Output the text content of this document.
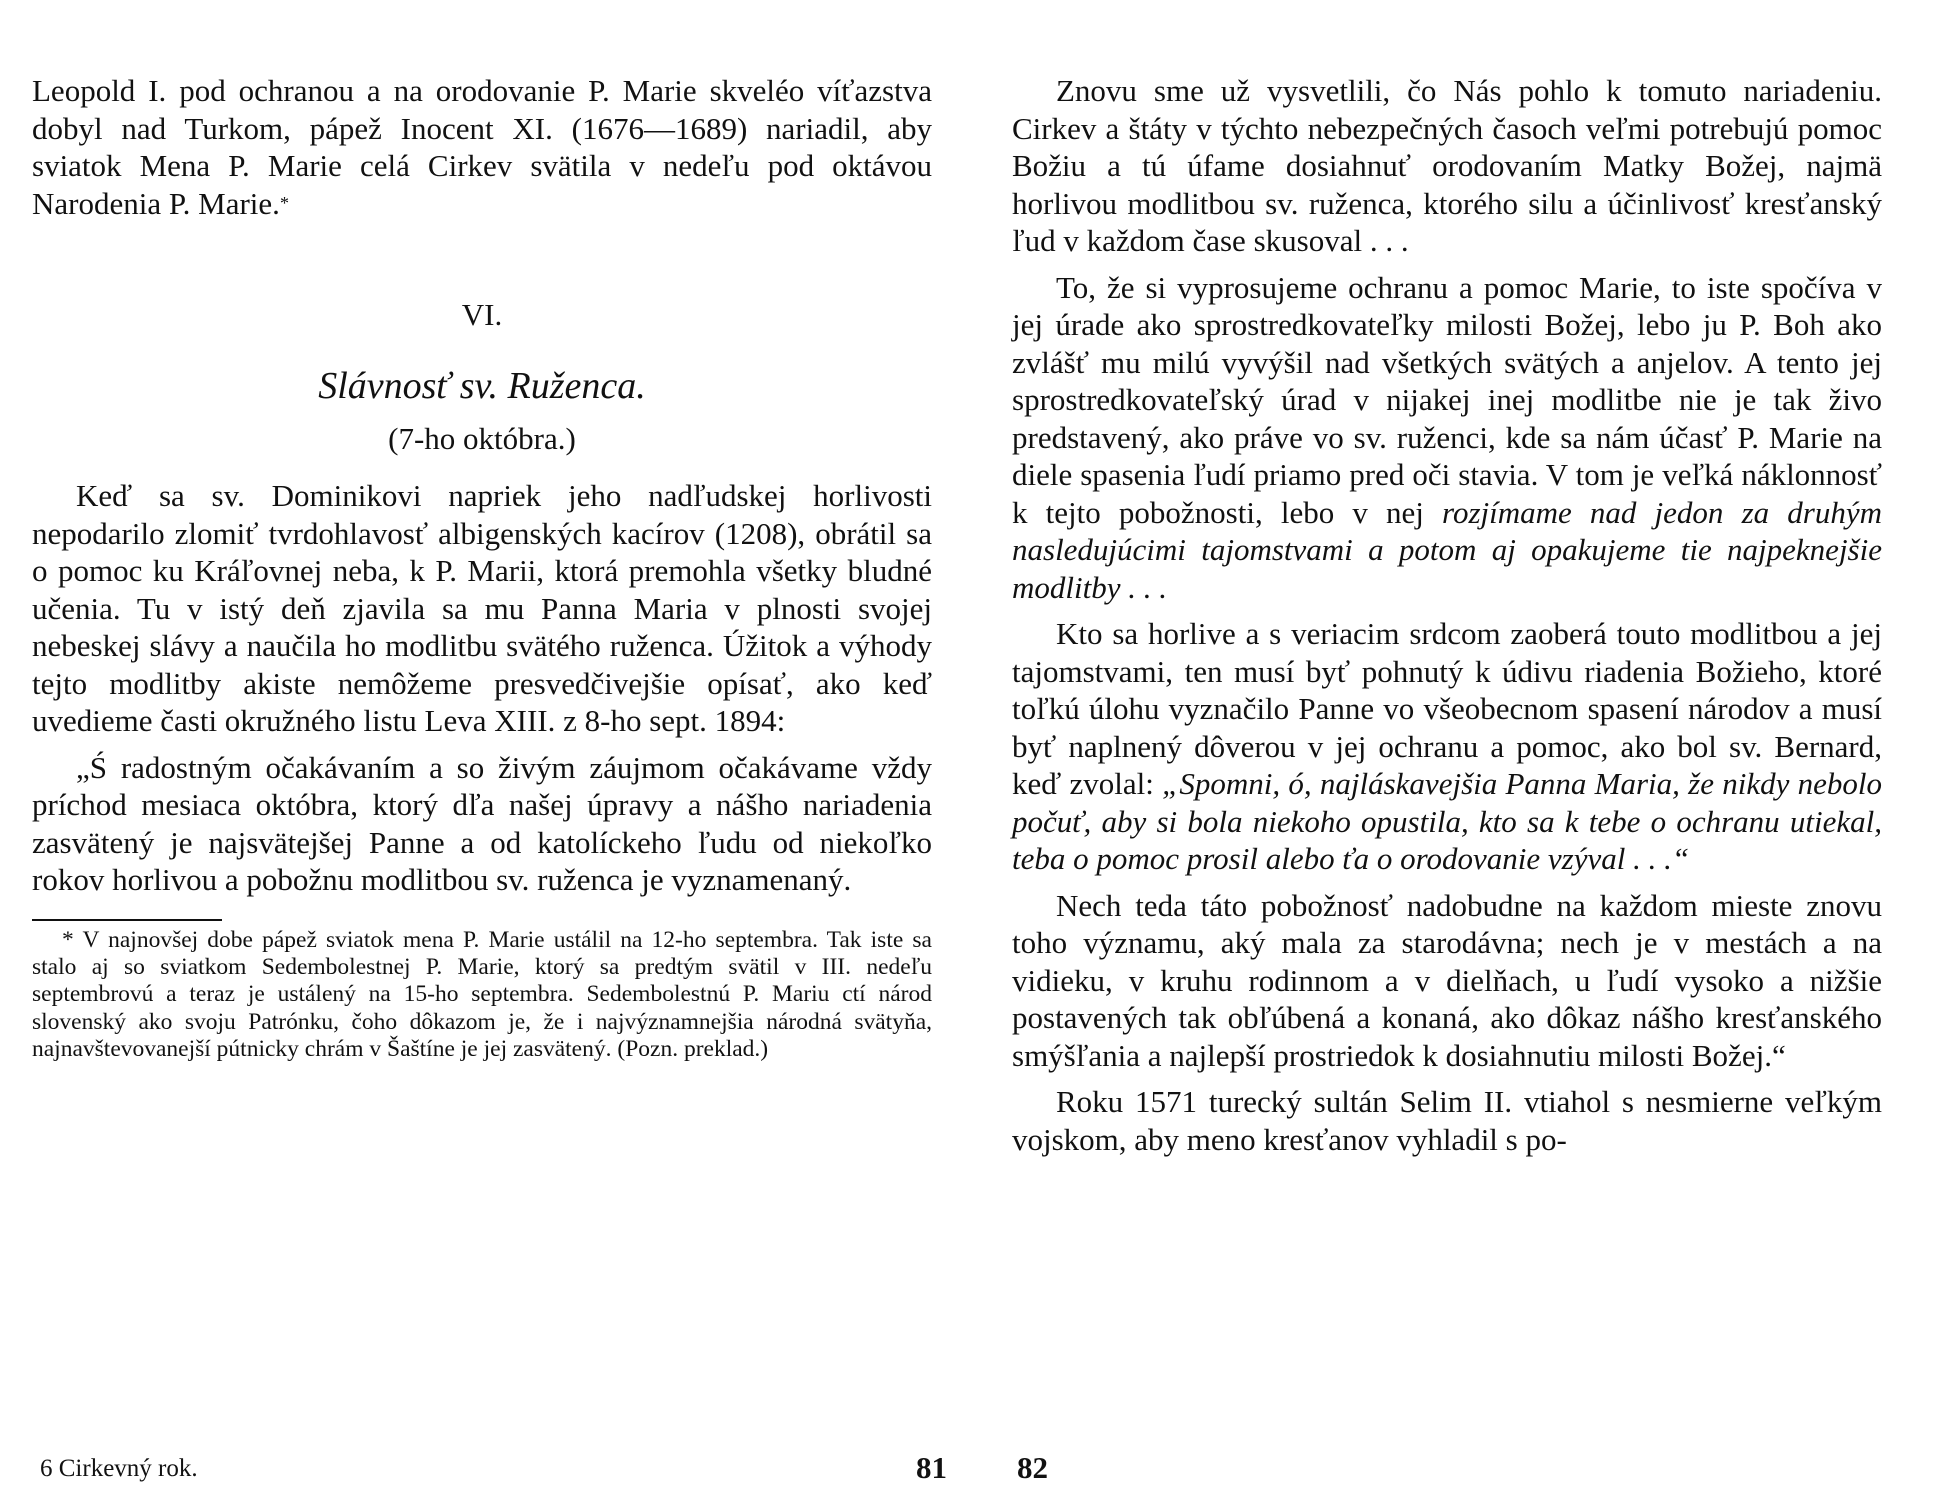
Leopold I. pod ochranou a na orodovanie P. Marie skveléo víťazstva dobyl nad Turkom, pápež Inocent XI. (1676—1689) nariadil, aby sviatok Mena P. Marie celá Cirkev svätila v nedeľu pod oktávou Narodenia P. Marie.*

VI.
Slávnosť sv. Ruženca.
(7-ho októbra.)

Keď sa sv. Dominikovi napriek jeho nadľudskej horlivosti nepodarilo zlomiť tvrdohlavosť albigenských kacírov (1208), obrátil sa o pomoc ku Kráľovnej neba, k P. Marii, ktorá premohla všetky bludné učenia. Tu v istý deň zjavila sa mu Panna Maria v plnosti svojej nebeskej slávy a naučila ho modlitbu svätého ruženca. Úžitok a výhody tejto modlitby akiste nemôžeme presvedčivejšie opísať, ako keď uvedieme časti okružného listu Leva XIII. z 8-ho sept. 1894:

„Ś radostným očakávaním a so živým záujmom očakávame vždy príchod mesiaca októbra, ktorý dľa našej úpravy a nášho nariadenia zasvätený je najsvätejšej Panne a od katolíckeho ľudu od niekoľko rokov horlivou a pobožnu modlitbou sv. ruženca je vyznamenaný.

* V najnovšej dobe pápež sviatok mena P. Marie ustálil na 12-ho septembra. Tak iste sa stalo aj so sviatkom Sedembolestnej P. Marie, ktorý sa predtým svätil v III. nedeľu septembrovú a teraz je ustálený na 15-ho septembra. Sedembolestnú P. Mariu ctí národ slovenský ako svoju Patrónku, čoho dôkazom je, že i najvýznamnejšia národná svätyňa, najnavštevovanejší pútnicky chrám v Šaštíne je jej zasvätený. (Pozn. preklad.)
6 Cirkevný rok.	81

Znovu sme už vysvetlili, čo Nás pohlo k tomuto nariadeniu. Cirkev a štáty v týchto nebezpečných časoch veľmi potrebujú pomoc Božiu a tú úfame dosiahnuť orodovaním Matky Božej, najmä horlivou modlitbou sv. ruženca, ktorého silu a účinlivosť kresťanský ľud v každom čase skusoval . . .

To, že si vyprosujeme ochranu a pomoc Marie, to iste spočíva v jej úrade ako sprostredkovateľky milosti Božej, lebo ju P. Boh ako zvlášť mu milú vyvýšil nad všetkých svätých a anjelov. A tento jej sprostredkovateľský úrad v nijakej inej modlitbe nie je tak živo predstavený, ako práve vo sv. ruženci, kde sa nám účasť P. Marie na diele spasenia ľudí priamo pred oči stavia. V tom je veľká náklonnosť k tejto pobožnosti, lebo v nej rozjímame nad jedon za druhým nasledujúcimi tajomstvami a potom aj opakujeme tie najpeknejšie modlitby . . .

Kto sa horlive a s veriacim srdcom zaoberá touto modlitbou a jej tajomstvami, ten musí byť pohnutý k údivu riadenia Božieho, ktoré toľkú úlohu vyznačilo Panne vo všeobecnom spasení národov a musí byť naplnený dôverou v jej ochranu a pomoc, ako bol sv. Bernard, keď zvolal: „Spomni, ó, najláskavejšia Panna Maria, že nikdy nebolo počuť, aby si bola niekoho opustila, kto sa k tebe o ochranu utiekal, teba o pomoc prosil alebo ťa o orodovanie vzýval . . .“

Nech teda táto pobožnosť nadobudne na každom mieste znovu toho významu, aký mala za starodávna; nech je v mestách a na vidieku, v kruhu rodinnom a v dielňach, u ľudí vysoko a nižšie postavených tak obľúbená a konaná, ako dôkaz nášho kresťanského smýšľania a najlepší prostriedok k dosiahnutiu milosti Božej.“

Roku 1571 turecký sultán Selim II. vtiahol s nesmierne veľkým vojskom, aby meno kresťanov vyhladil s po-

82
